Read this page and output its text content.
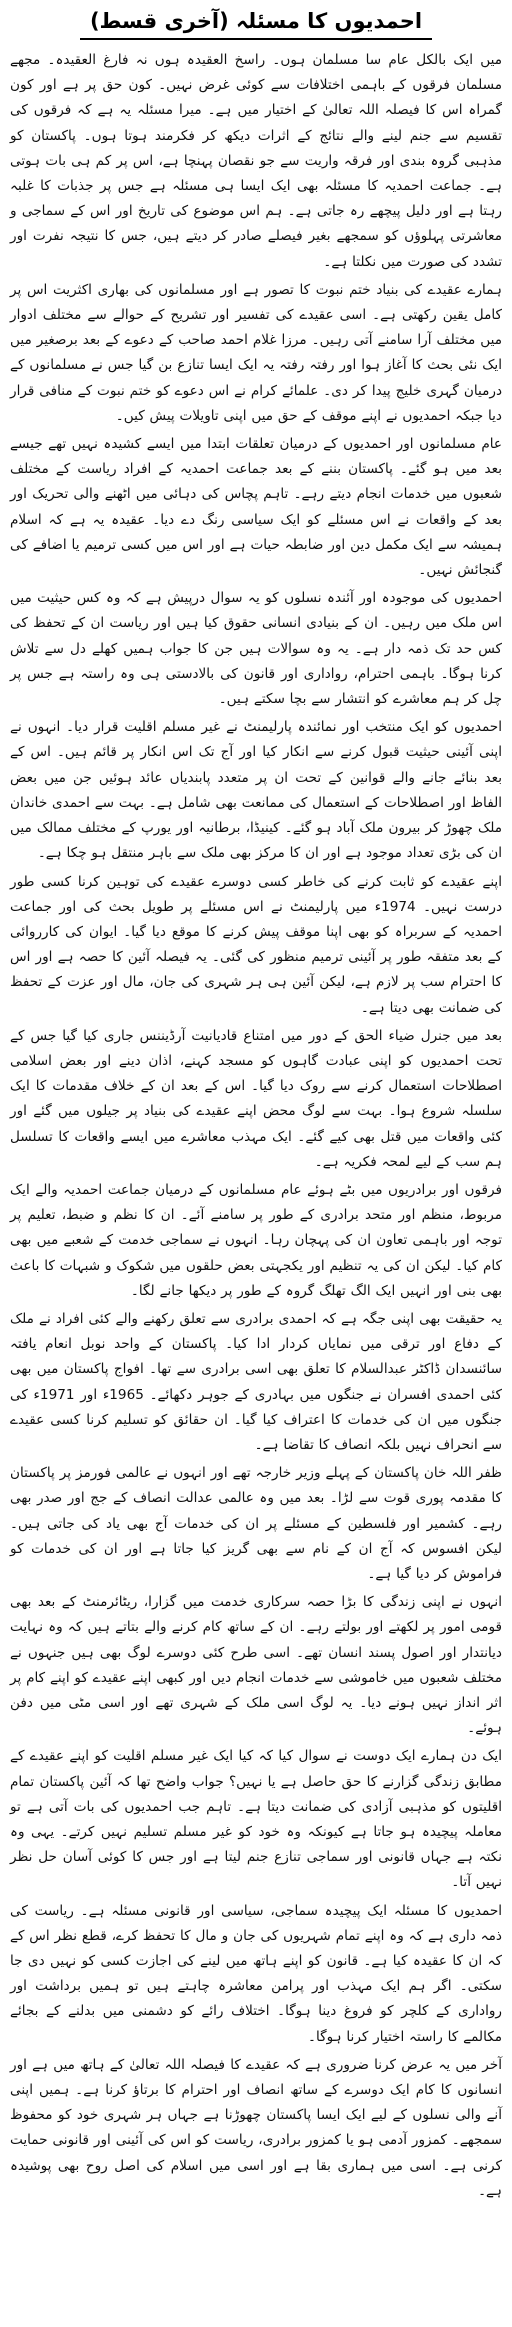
احمدیوں کا مسئلہ (آخری قسط)

میں ایک بالکل عام سا مسلمان ہوں۔ راسخ العقیدہ ہوں نہ فارغ العقیدہ۔ مجھے مسلمان فرقوں کے باہمی اختلافات سے کوئی غرض نہیں۔ کون حق پر ہے اور کون گمراہ اس کا فیصلہ اللہ تعالیٰ کے اختیار میں ہے۔ میرا مسئلہ یہ ہے کہ فرقوں کی تقسیم سے جنم لینے والے نتائج کے اثرات دیکھ کر فکرمند ہوتا ہوں۔ پاکستان کو مذہبی گروہ بندی اور فرقہ واریت سے جو نقصان پہنچا ہے، اس پر کم ہی بات ہوتی ہے۔ جماعت احمدیہ کا مسئلہ بھی ایک ایسا ہی مسئلہ ہے جس پر جذبات کا غلبہ رہتا ہے اور دلیل پیچھے رہ جاتی ہے۔ ہم اس موضوع کی تاریخ اور اس کے سماجی و معاشرتی پہلوؤں کو سمجھے بغیر فیصلے صادر کر دیتے ہیں، جس کا نتیجہ نفرت اور تشدد کی صورت میں نکلتا ہے۔

ہمارے عقیدے کی بنیاد ختم نبوت کا تصور ہے اور مسلمانوں کی بھاری اکثریت اس پر کامل یقین رکھتی ہے۔ اسی عقیدے کی تفسیر اور تشریح کے حوالے سے مختلف ادوار میں مختلف آرا سامنے آتی رہیں۔ مرزا غلام احمد صاحب کے دعوے کے بعد برصغیر میں ایک نئی بحث کا آغاز ہوا اور رفتہ رفتہ یہ ایک ایسا تنازع بن گیا جس نے مسلمانوں کے درمیان گہری خلیج پیدا کر دی۔ علمائے کرام نے اس دعوے کو ختم نبوت کے منافی قرار دیا جبکہ احمدیوں نے اپنے موقف کے حق میں اپنی تاویلات پیش کیں۔

عام مسلمانوں اور احمدیوں کے درمیان تعلقات ابتدا میں ایسے کشیدہ نہیں تھے جیسے بعد میں ہو گئے۔ پاکستان بننے کے بعد جماعت احمدیہ کے افراد ریاست کے مختلف شعبوں میں خدمات انجام دیتے رہے۔ تاہم پچاس کی دہائی میں اٹھنے والی تحریک اور بعد کے واقعات نے اس مسئلے کو ایک سیاسی رنگ دے دیا۔ عقیدہ یہ ہے کہ اسلام ہمیشہ سے ایک مکمل دین اور ضابطہ حیات ہے اور اس میں کسی ترمیم یا اضافے کی گنجائش نہیں۔

احمدیوں کی موجودہ اور آئندہ نسلوں کو یہ سوال درپیش ہے کہ وہ کس حیثیت میں اس ملک میں رہیں۔ ان کے بنیادی انسانی حقوق کیا ہیں اور ریاست ان کے تحفظ کی کس حد تک ذمہ دار ہے۔ یہ وہ سوالات ہیں جن کا جواب ہمیں کھلے دل سے تلاش کرنا ہوگا۔ باہمی احترام، رواداری اور قانون کی بالادستی ہی وہ راستہ ہے جس پر چل کر ہم معاشرے کو انتشار سے بچا سکتے ہیں۔

احمدیوں کو ایک منتخب اور نمائندہ پارلیمنٹ نے غیر مسلم اقلیت قرار دیا۔ انہوں نے اپنی آئینی حیثیت قبول کرنے سے انکار کیا اور آج تک اس انکار پر قائم ہیں۔ اس کے بعد بنائے جانے والے قوانین کے تحت ان پر متعدد پابندیاں عائد ہوئیں جن میں بعض الفاظ اور اصطلاحات کے استعمال کی ممانعت بھی شامل ہے۔ بہت سے احمدی خاندان ملک چھوڑ کر بیرون ملک آباد ہو گئے۔ کینیڈا، برطانیہ اور یورپ کے مختلف ممالک میں ان کی بڑی تعداد موجود ہے اور ان کا مرکز بھی ملک سے باہر منتقل ہو چکا ہے۔

اپنے عقیدے کو ثابت کرنے کی خاطر کسی دوسرے عقیدے کی توہین کرنا کسی طور درست نہیں۔ 1974ء میں پارلیمنٹ نے اس مسئلے پر طویل بحث کی اور جماعت احمدیہ کے سربراہ کو بھی اپنا موقف پیش کرنے کا موقع دیا گیا۔ ایوان کی کارروائی کے بعد متفقہ طور پر آئینی ترمیم منظور کی گئی۔ یہ فیصلہ آئین کا حصہ ہے اور اس کا احترام سب پر لازم ہے، لیکن آئین ہی ہر شہری کی جان، مال اور عزت کے تحفظ کی ضمانت بھی دیتا ہے۔

بعد میں جنرل ضیاء الحق کے دور میں امتناع قادیانیت آرڈیننس جاری کیا گیا جس کے تحت احمدیوں کو اپنی عبادت گاہوں کو مسجد کہنے، اذان دینے اور بعض اسلامی اصطلاحات استعمال کرنے سے روک دیا گیا۔ اس کے بعد ان کے خلاف مقدمات کا ایک سلسلہ شروع ہوا۔ بہت سے لوگ محض اپنے عقیدے کی بنیاد پر جیلوں میں گئے اور کئی واقعات میں قتل بھی کیے گئے۔ ایک مہذب معاشرے میں ایسے واقعات کا تسلسل ہم سب کے لیے لمحہ فکریہ ہے۔

فرقوں اور برادریوں میں بٹے ہوئے عام مسلمانوں کے درمیان جماعت احمدیہ والے ایک مربوط، منظم اور متحد برادری کے طور پر سامنے آئے۔ ان کا نظم و ضبط، تعلیم پر توجہ اور باہمی تعاون ان کی پہچان رہا۔ انہوں نے سماجی خدمت کے شعبے میں بھی کام کیا۔ لیکن ان کی یہ تنظیم اور یکجہتی بعض حلقوں میں شکوک و شبہات کا باعث بھی بنی اور انہیں ایک الگ تھلگ گروہ کے طور پر دیکھا جانے لگا۔

یہ حقیقت بھی اپنی جگہ ہے کہ احمدی برادری سے تعلق رکھنے والے کئی افراد نے ملک کے دفاع اور ترقی میں نمایاں کردار ادا کیا۔ پاکستان کے واحد نوبل انعام یافتہ سائنسدان ڈاکٹر عبدالسلام کا تعلق بھی اسی برادری سے تھا۔ افواج پاکستان میں بھی کئی احمدی افسران نے جنگوں میں بہادری کے جوہر دکھائے۔ 1965ء اور 1971ء کی جنگوں میں ان کی خدمات کا اعتراف کیا گیا۔ ان حقائق کو تسلیم کرنا کسی عقیدے سے انحراف نہیں بلکہ انصاف کا تقاضا ہے۔

ظفر اللہ خان پاکستان کے پہلے وزیر خارجہ تھے اور انہوں نے عالمی فورمز پر پاکستان کا مقدمہ پوری قوت سے لڑا۔ بعد میں وہ عالمی عدالت انصاف کے جج اور صدر بھی رہے۔ کشمیر اور فلسطین کے مسئلے پر ان کی خدمات آج بھی یاد کی جاتی ہیں۔ لیکن افسوس کہ آج ان کے نام سے بھی گریز کیا جاتا ہے اور ان کی خدمات کو فراموش کر دیا گیا ہے۔

انہوں نے اپنی زندگی کا بڑا حصہ سرکاری خدمت میں گزارا، ریٹائرمنٹ کے بعد بھی قومی امور پر لکھتے اور بولتے رہے۔ ان کے ساتھ کام کرنے والے بتاتے ہیں کہ وہ نہایت دیانتدار اور اصول پسند انسان تھے۔ اسی طرح کئی دوسرے لوگ بھی ہیں جنہوں نے مختلف شعبوں میں خاموشی سے خدمات انجام دیں اور کبھی اپنے عقیدے کو اپنے کام پر اثر انداز نہیں ہونے دیا۔ یہ لوگ اسی ملک کے شہری تھے اور اسی مٹی میں دفن ہوئے۔

ایک دن ہمارے ایک دوست نے سوال کیا کہ کیا ایک غیر مسلم اقلیت کو اپنے عقیدے کے مطابق زندگی گزارنے کا حق حاصل ہے یا نہیں؟ جواب واضح تھا کہ آئین پاکستان تمام اقلیتوں کو مذہبی آزادی کی ضمانت دیتا ہے۔ تاہم جب احمدیوں کی بات آتی ہے تو معاملہ پیچیدہ ہو جاتا ہے کیونکہ وہ خود کو غیر مسلم تسلیم نہیں کرتے۔ یہی وہ نکتہ ہے جہاں قانونی اور سماجی تنازع جنم لیتا ہے اور جس کا کوئی آسان حل نظر نہیں آتا۔

احمدیوں کا مسئلہ ایک پیچیدہ سماجی، سیاسی اور قانونی مسئلہ ہے۔ ریاست کی ذمہ داری ہے کہ وہ اپنے تمام شہریوں کی جان و مال کا تحفظ کرے، قطع نظر اس کے کہ ان کا عقیدہ کیا ہے۔ قانون کو اپنے ہاتھ میں لینے کی اجازت کسی کو نہیں دی جا سکتی۔ اگر ہم ایک مہذب اور پرامن معاشرہ چاہتے ہیں تو ہمیں برداشت اور رواداری کے کلچر کو فروغ دینا ہوگا۔ اختلاف رائے کو دشمنی میں بدلنے کے بجائے مکالمے کا راستہ اختیار کرنا ہوگا۔

آخر میں یہ عرض کرنا ضروری ہے کہ عقیدے کا فیصلہ اللہ تعالیٰ کے ہاتھ میں ہے اور انسانوں کا کام ایک دوسرے کے ساتھ انصاف اور احترام کا برتاؤ کرنا ہے۔ ہمیں اپنی آنے والی نسلوں کے لیے ایک ایسا پاکستان چھوڑنا ہے جہاں ہر شہری خود کو محفوظ سمجھے۔ کمزور آدمی ہو یا کمزور برادری، ریاست کو اس کی آئینی اور قانونی حمایت کرنی ہے۔ اسی میں ہماری بقا ہے اور اسی میں اسلام کی اصل روح بھی پوشیدہ ہے۔
